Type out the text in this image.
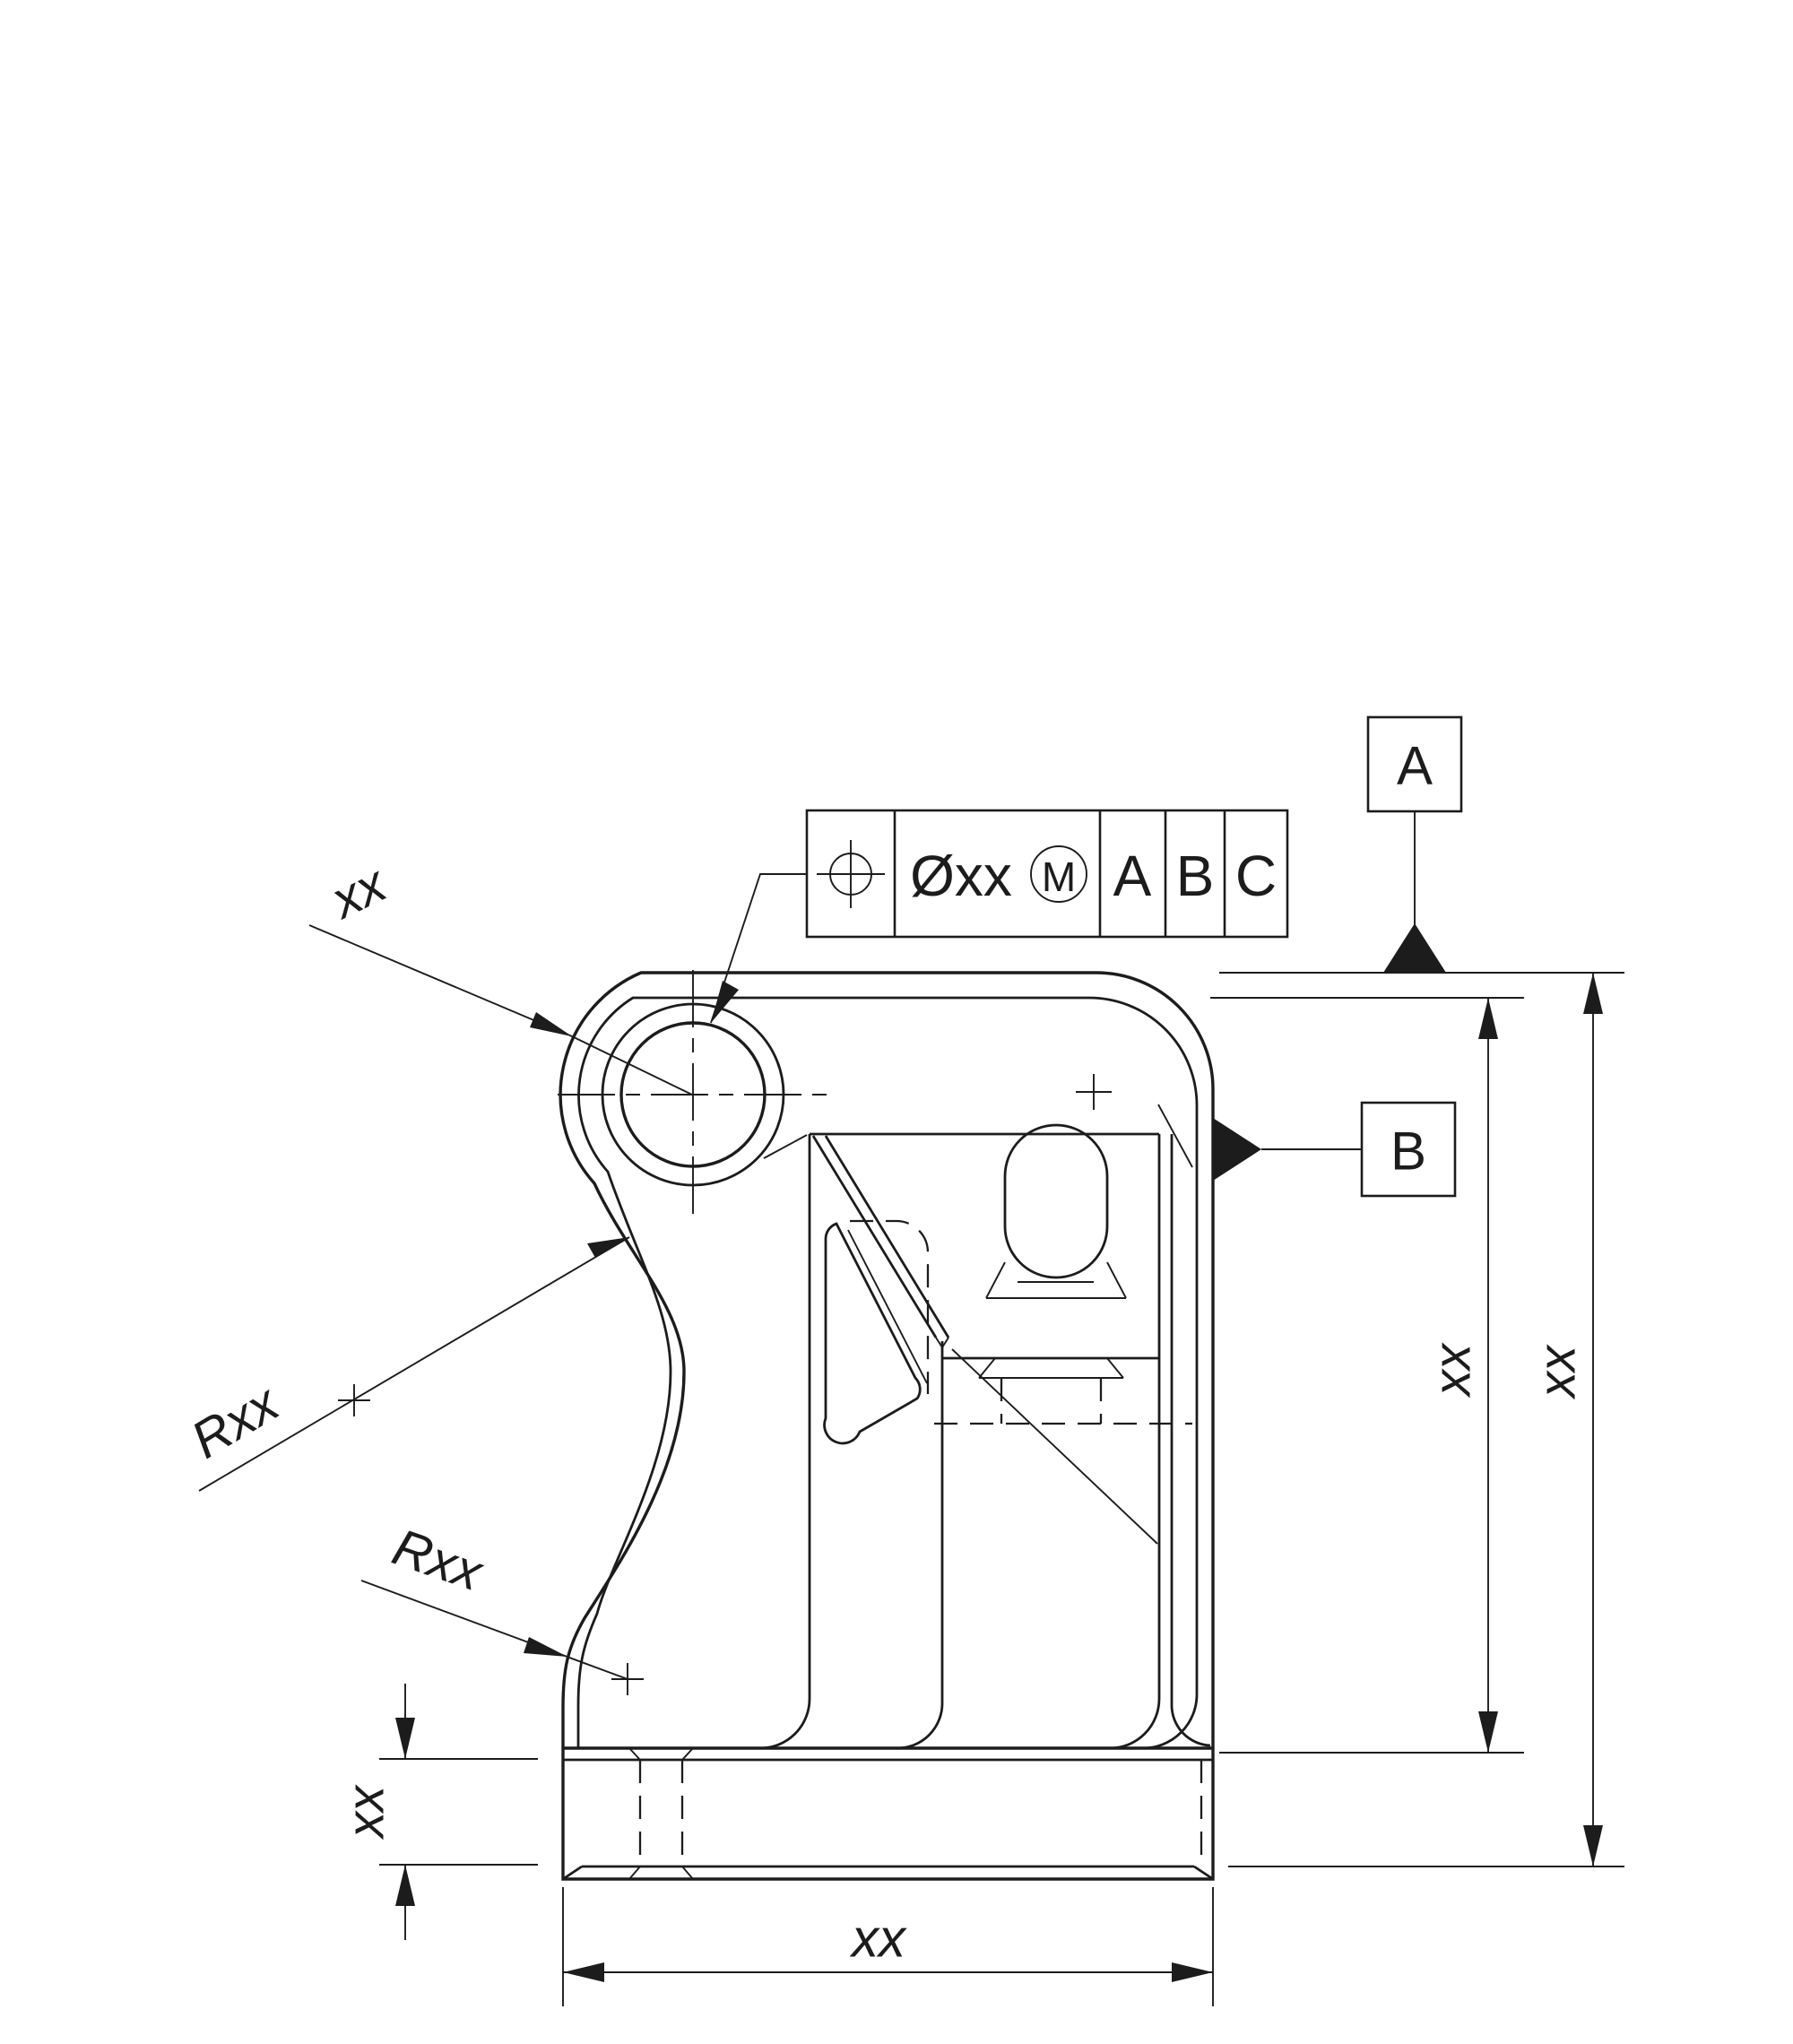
Øxx M A B C
A
B
xx
Rxx
Rxx
xx
xx
xx xx
